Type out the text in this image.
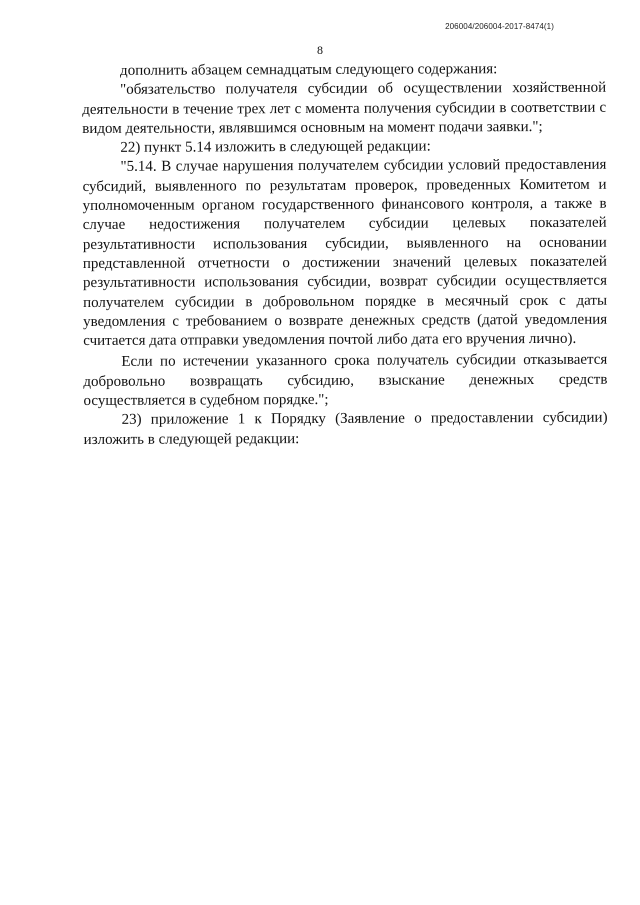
206004/206004-2017-8474(1)
8

дополнить абзацем семнадцатым следующего содержания:

"обязательство получателя субсидии об осуществлении хозяйственной деятельности в течение трех лет с момента получения субсидии в соответствии с видом деятельности, являвшимся основным на момент подачи заявки.";

22) пункт 5.14 изложить в следующей редакции:

"5.14. В случае нарушения получателем субсидии условий предоставления субсидий, выявленного по результатам проверок, проведенных Комитетом и уполномоченным органом государственного финансового контроля, а также в случае недостижения получателем субсидии целевых показателей результативности использования субсидии, выявленного на основании представленной отчетности о достижении значений целевых показателей результативности использования субсидии, возврат субсидии осуществляется получателем субсидии в добровольном порядке в месячный срок с даты уведомления с требованием о возврате денежных средств (датой уведомления считается дата отправки уведомления почтой либо дата его вручения лично).

Если по истечении указанного срока получатель субсидии отказывается добровольно возвращать субсидию, взыскание денежных средств осуществляется в судебном порядке.";

23) приложение 1 к Порядку (Заявление о предоставлении субсидии) изложить в следующей редакции:
